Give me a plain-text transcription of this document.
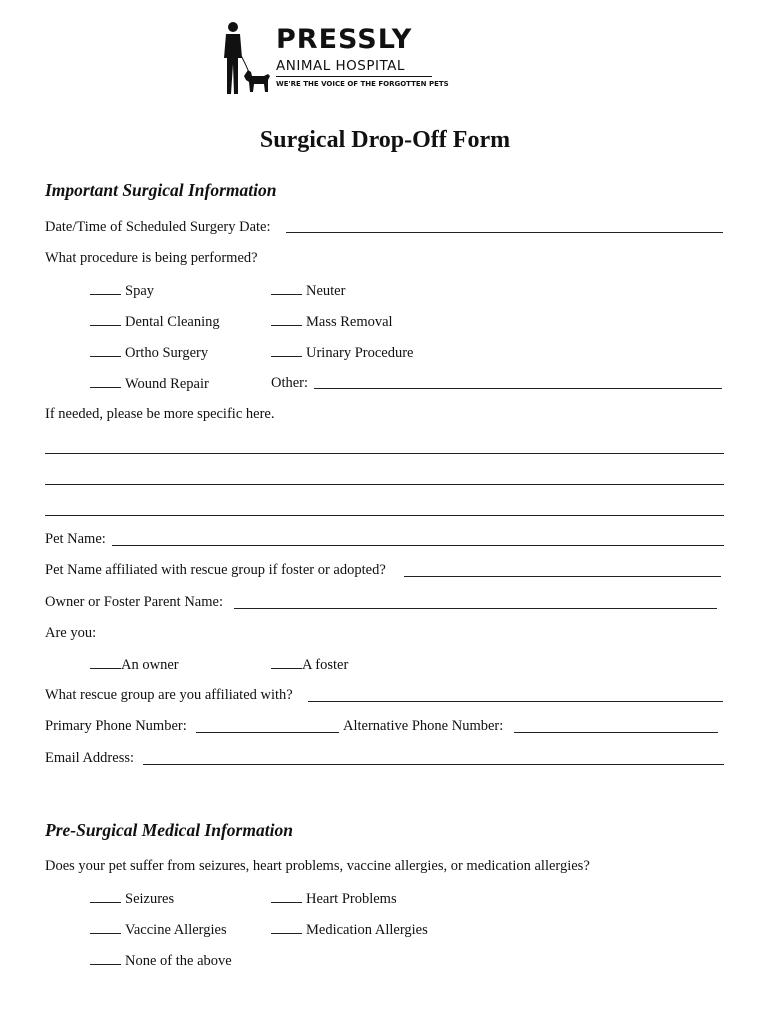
PRESSLY
ANIMAL HOSPITAL
WE'RE THE VOICE OF THE FORGOTTEN PETS
Surgical Drop-Off Form
Important Surgical Information
Date/Time of Scheduled Surgery Date:
What procedure is being performed?
Spay	Neuter
Dental Cleaning	Mass Removal
Ortho Surgery	Urinary Procedure
Wound Repair	Other:
If needed, please be more specific here.
Pet Name:
Pet Name affiliated with rescue group if foster or adopted?
Owner or Foster Parent Name:
Are you:
An owner	A foster
What rescue group are you affiliated with?
Primary Phone Number:	Alternative Phone Number:
Email Address:
Pre-Surgical Medical Information
Does your pet suffer from seizures, heart problems, vaccine allergies, or medication allergies?
Seizures	Heart Problems
Vaccine Allergies	Medication Allergies
None of the above
